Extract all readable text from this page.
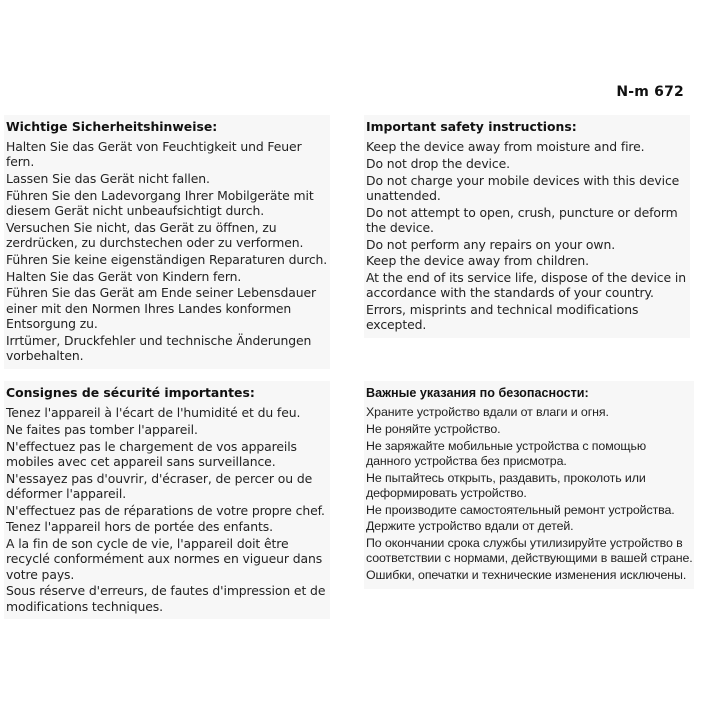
N-m 672
Wichtige Sicherheitshinweise:
Halten Sie das Gerät von Feuchtigkeit und Feuer fern.
Lassen Sie das Gerät nicht fallen.
Führen Sie den Ladevorgang Ihrer Mobilgeräte mit diesem Gerät nicht unbeaufsichtigt durch.
Versuchen Sie nicht, das Gerät zu öffnen, zu zerdrücken, zu durchstechen oder zu verformen.
Führen Sie keine eigenständigen Reparaturen durch.
Halten Sie das Gerät von Kindern fern.
Führen Sie das Gerät am Ende seiner Lebensdauer einer mit den Normen Ihres Landes konformen Entsorgung zu.
Irrtümer, Druckfehler und technische Änderungen vorbehalten.
Important safety instructions:
Keep the device away from moisture and fire.
Do not drop the device.
Do not charge your mobile devices with this device unattended.
Do not attempt to open, crush, puncture or deform the device.
Do not perform any repairs on your own.
Keep the device away from children.
At the end of its service life, dispose of the device in accordance with the standards of your country.
Errors, misprints and technical modifications excepted.
Consignes de sécurité importantes:
Tenez l'appareil à l'écart de l'humidité et du feu.
Ne faites pas tomber l'appareil.
N'effectuez pas le chargement de vos appareils mobiles avec cet appareil sans surveillance.
N'essayez pas d'ouvrir, d'écraser, de percer ou de déformer l'appareil.
N'effectuez pas de réparations de votre propre chef.
Tenez l'appareil hors de portée des enfants.
A la fin de son cycle de vie, l'appareil doit être recyclé conformément aux normes en vigueur dans votre pays.
Sous réserve d'erreurs, de fautes d'impression et de modifications techniques.
Важные указания по безопасности:
Храните устройство вдали от влаги и огня.
Не роняйте устройство.
Не заряжайте мобильные устройства с помощью данного устройства без присмотра.
Не пытайтесь открыть, раздавить, проколоть или деформировать устройство.
Не производите самостоятельный ремонт устройства.
Держите устройство вдали от детей.
По окончании срока службы утилизируйте устройство в соответствии с нормами, действующими в вашей стране.
Ошибки, опечатки и технические изменения исключены.
